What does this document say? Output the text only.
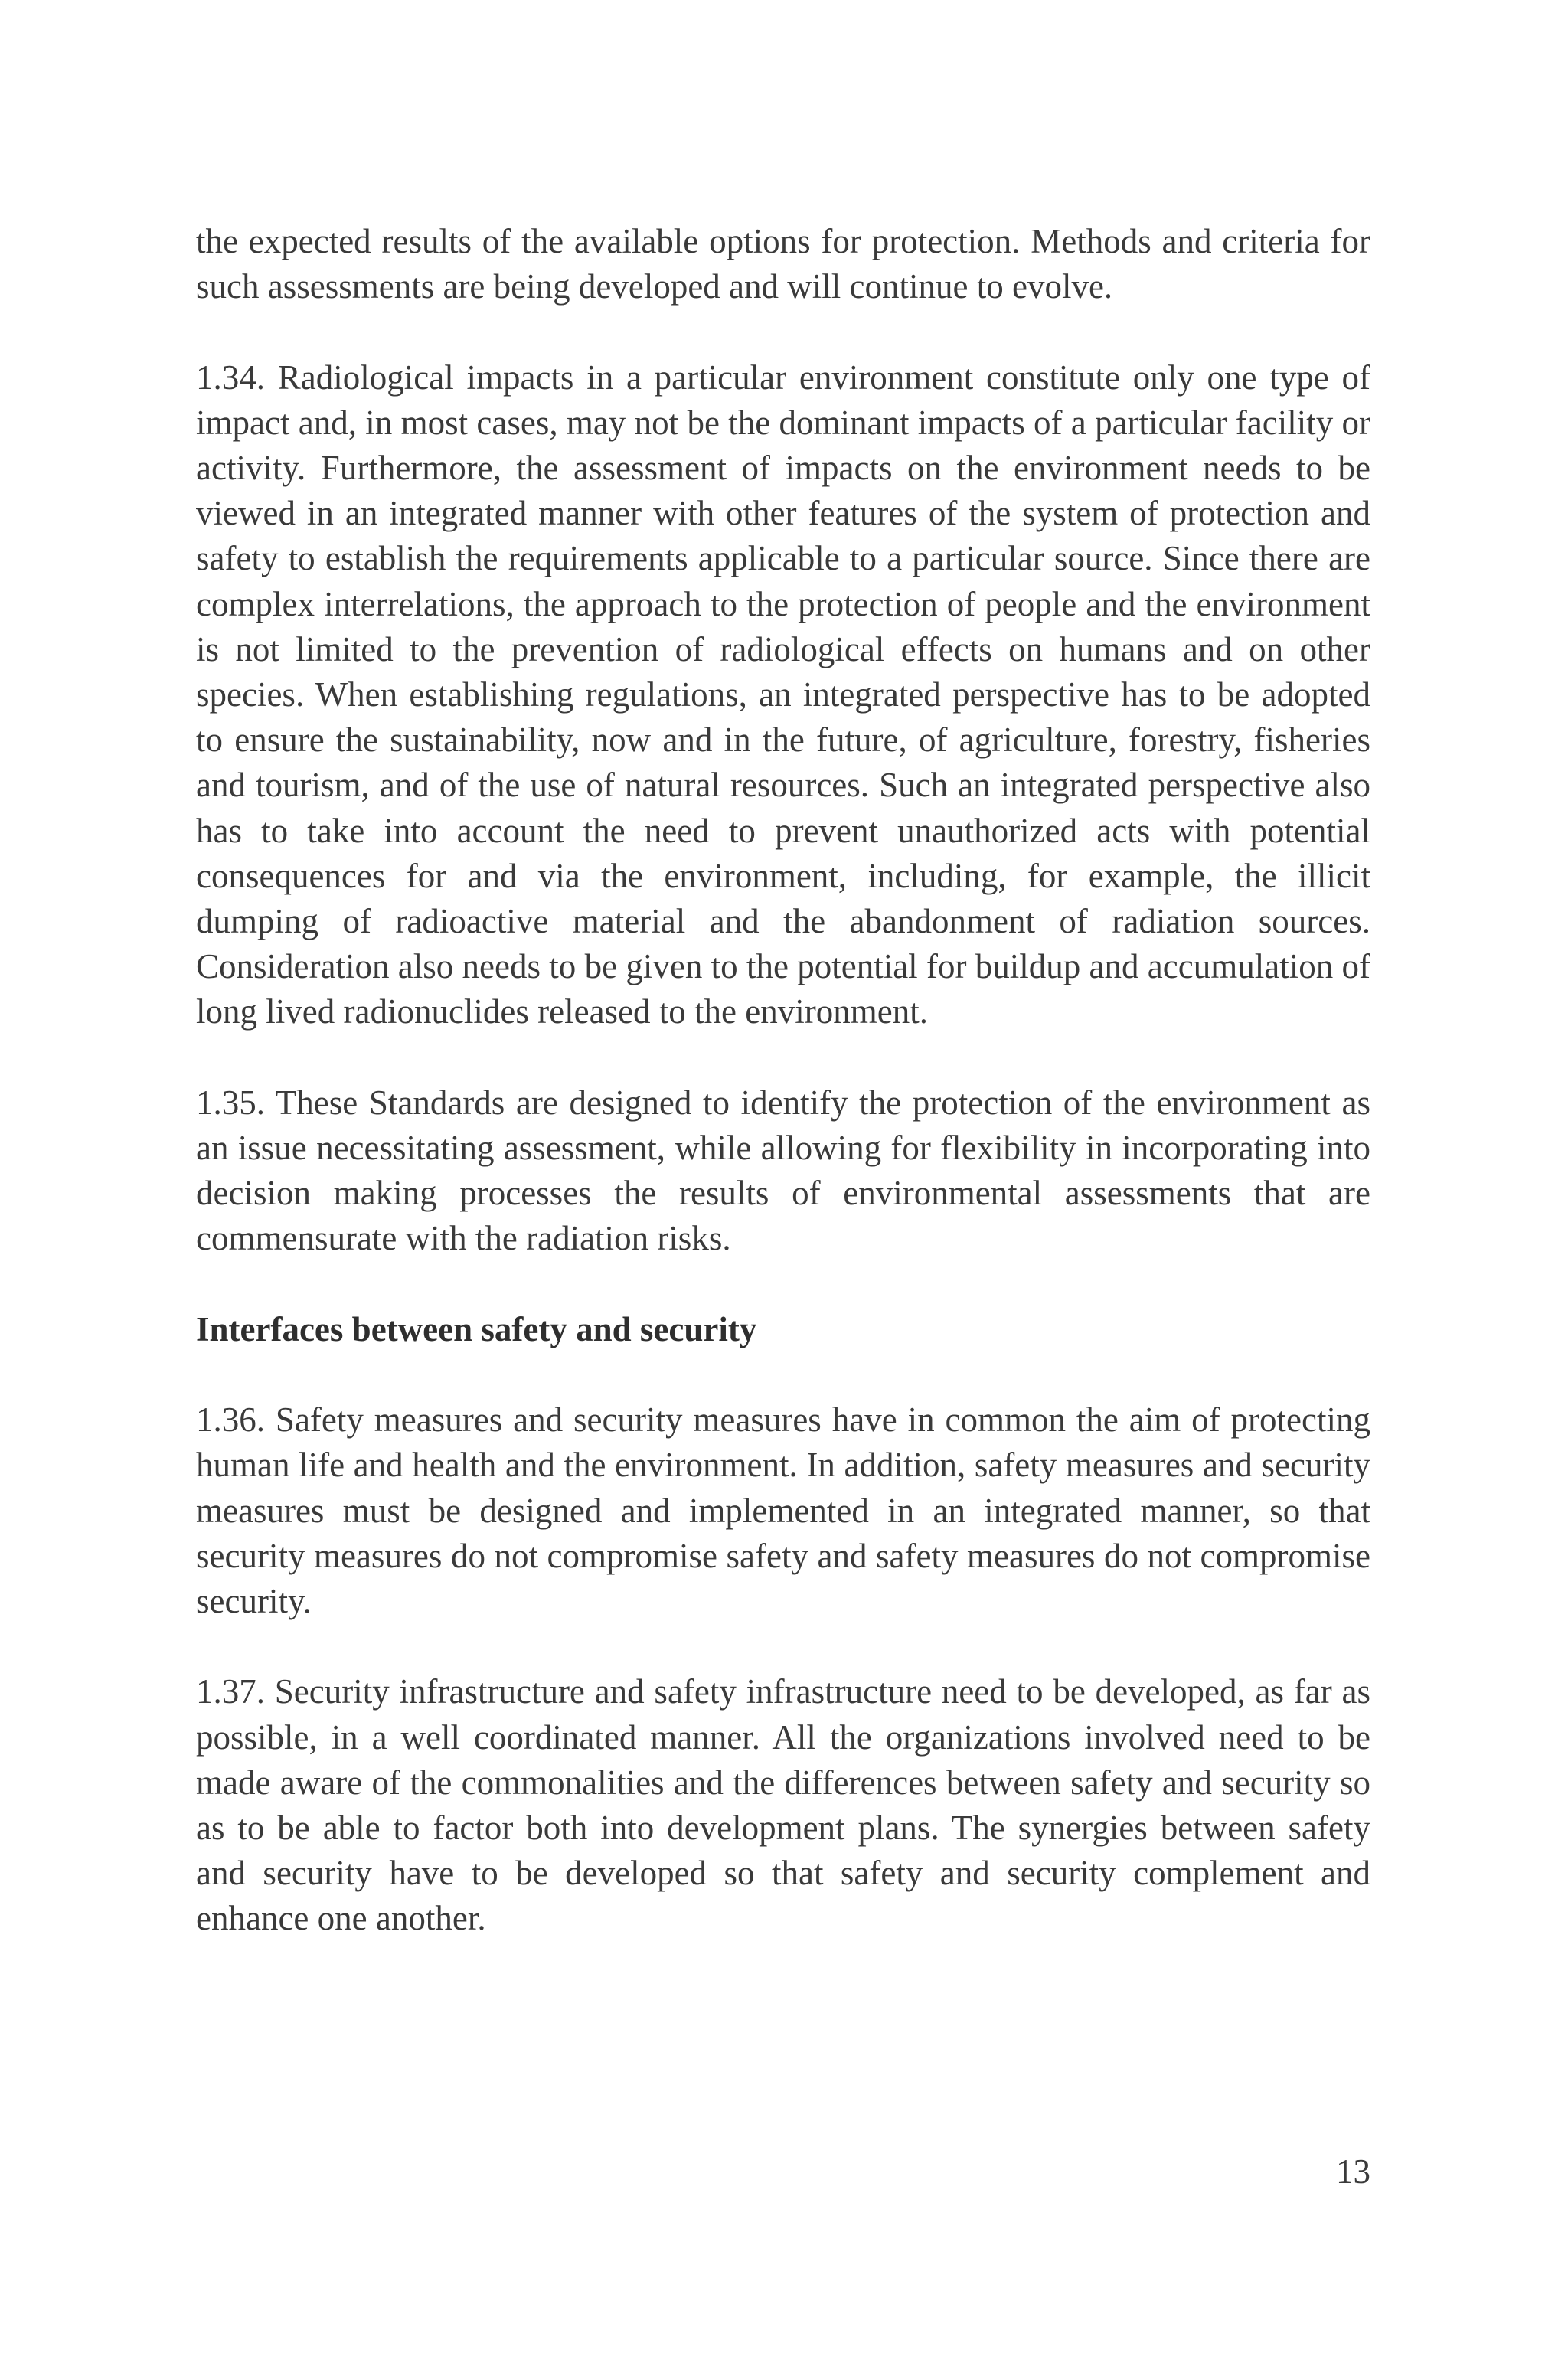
the expected results of the available options for protection. Methods and criteria for such assessments are being developed and will continue to evolve.

1.34. Radiological impacts in a particular environment constitute only one type of impact and, in most cases, may not be the dominant impacts of a particular facility or activity. Furthermore, the assessment of impacts on the environment needs to be viewed in an integrated manner with other features of the system of protection and safety to establish the requirements applicable to a particular source. Since there are complex interrelations, the approach to the protection of people and the environment is not limited to the prevention of radiological effects on humans and on other species. When establishing regulations, an integrated perspective has to be adopted to ensure the sustainability, now and in the future, of agriculture, forestry, fisheries and tourism, and of the use of natural resources. Such an integrated perspective also has to take into account the need to prevent unauthorized acts with potential consequences for and via the environment, including, for example, the illicit dumping of radioactive material and the abandonment of radiation sources. Consideration also needs to be given to the potential for buildup and accumulation of long lived radionuclides released to the environment.

1.35. These Standards are designed to identify the protection of the environment as an issue necessitating assessment, while allowing for flexibility in incorporating into decision making processes the results of environmental assessments that are commensurate with the radiation risks.

Interfaces between safety and security

1.36. Safety measures and security measures have in common the aim of protecting human life and health and the environment. In addition, safety measures and security measures must be designed and implemented in an integrated manner, so that security measures do not compromise safety and safety measures do not compromise security.

1.37. Security infrastructure and safety infrastructure need to be developed, as far as possible, in a well coordinated manner. All the organizations involved need to be made aware of the commonalities and the differences between safety and security so as to be able to factor both into development plans. The synergies between safety and security have to be developed so that safety and security complement and enhance one another.

13
